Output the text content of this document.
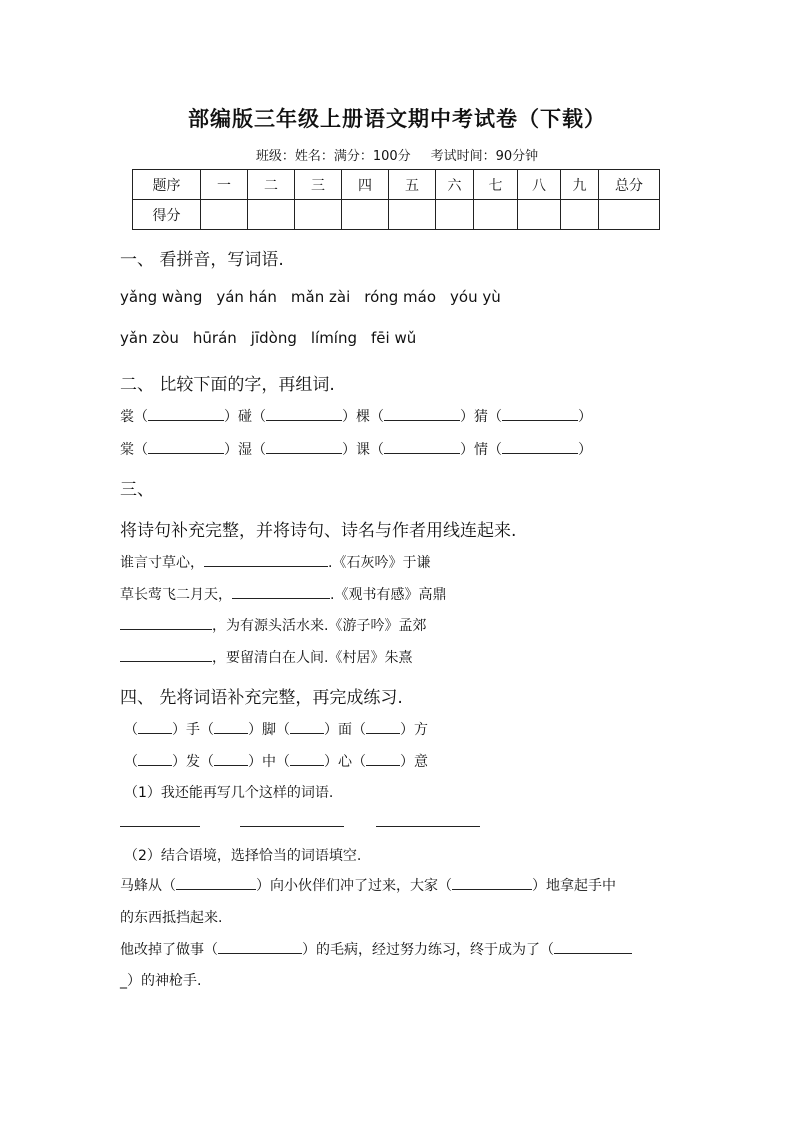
部编版三年级上册语文期中考试卷（下载）
班级：姓名：满分：100分 考试时间：90分钟
题序	一	二	三	四	五	六	七	八	九	总分
得分										
一、 看拼音，写词语.
yǎng wàng yán hán mǎn zài róng máo yóu yù
yǎn zòu hūrán jīdòng límíng fēi wǔ
二、 比较下面的字，再组词.
裳（	）碰（	）棵（	）猜（	）
棠（	）湿（	）课（	）情（	）
三、
将诗句补充完整，并将诗句、诗名与作者用线连起来.
谁言寸草心，	.《石灰吟》于谦
草长莺飞二月天，	.《观书有感》高鼎
，为有源头活水来.《游子吟》孟郊
，要留清白在人间.《村居》朱熹
四、 先将词语补充完整，再完成练习.
（ ）手（ ）脚（ ）面（ ）方
（ ）发（ ）中（ ）心（ ）意
（1）我还能再写几个这样的词语.
（2）结合语境，选择恰当的词语填空.
马蜂从（	）向小伙伴们冲了过来，大家（	）地拿起手中
的东西抵挡起来.
他改掉了做事（	）的毛病，经过努力练习，终于成为了（
_）的神枪手.
